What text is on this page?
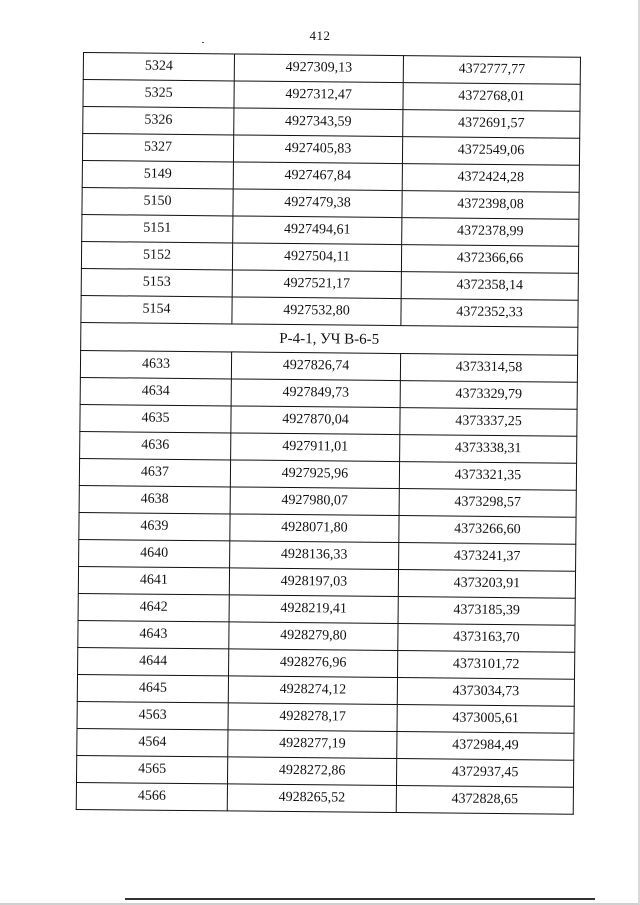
412
5324	4927309,13	4372777,77
5325	4927312,47	4372768,01
5326	4927343,59	4372691,57
5327	4927405,83	4372549,06
5149	4927467,84	4372424,28
5150	4927479,38	4372398,08
5151	4927494,61	4372378,99
5152	4927504,11	4372366,66
5153	4927521,17	4372358,14
5154	4927532,80	4372352,33
Р-4-1, УЧ В-6-5		
4633	4927826,74	4373314,58
4634	4927849,73	4373329,79
4635	4927870,04	4373337,25
4636	4927911,01	4373338,31
4637	4927925,96	4373321,35
4638	4927980,07	4373298,57
4639	4928071,80	4373266,60
4640	4928136,33	4373241,37
4641	4928197,03	4373203,91
4642	4928219,41	4373185,39
4643	4928279,80	4373163,70
4644	4928276,96	4373101,72
4645	4928274,12	4373034,73
4563	4928278,17	4373005,61
4564	4928277,19	4372984,49
4565	4928272,86	4372937,45
4566	4928265,52	4372828,65
